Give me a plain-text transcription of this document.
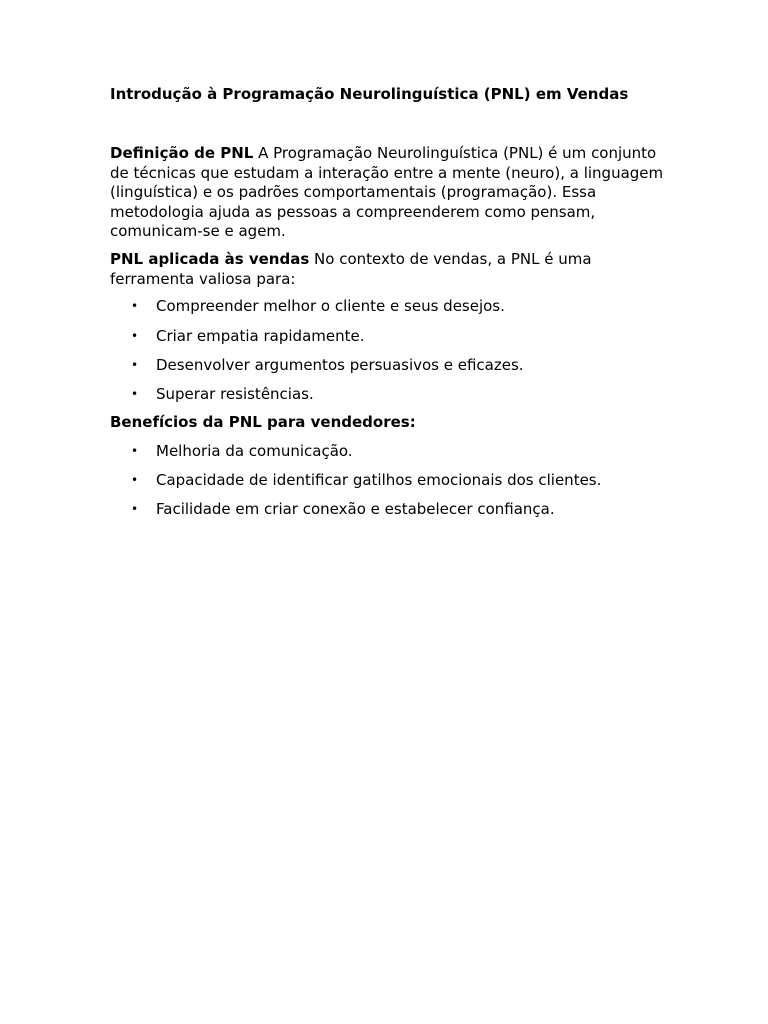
Introdução à Programação Neurolinguística (PNL) em Vendas

Definição de PNL A Programação Neurolinguística (PNL) é um conjunto de técnicas que estudam a interação entre a mente (neuro), a linguagem (linguística) e os padrões comportamentais (programação). Essa metodologia ajuda as pessoas a compreenderem como pensam, comunicam-se e agem.

PNL aplicada às vendas No contexto de vendas, a PNL é uma ferramenta valiosa para:

• Compreender melhor o cliente e seus desejos.
• Criar empatia rapidamente.
• Desenvolver argumentos persuasivos e eficazes.
• Superar resistências.
Benefícios da PNL para vendedores:
• Melhoria da comunicação.
• Capacidade de identificar gatilhos emocionais dos clientes.
• Facilidade em criar conexão e estabelecer confiança.
